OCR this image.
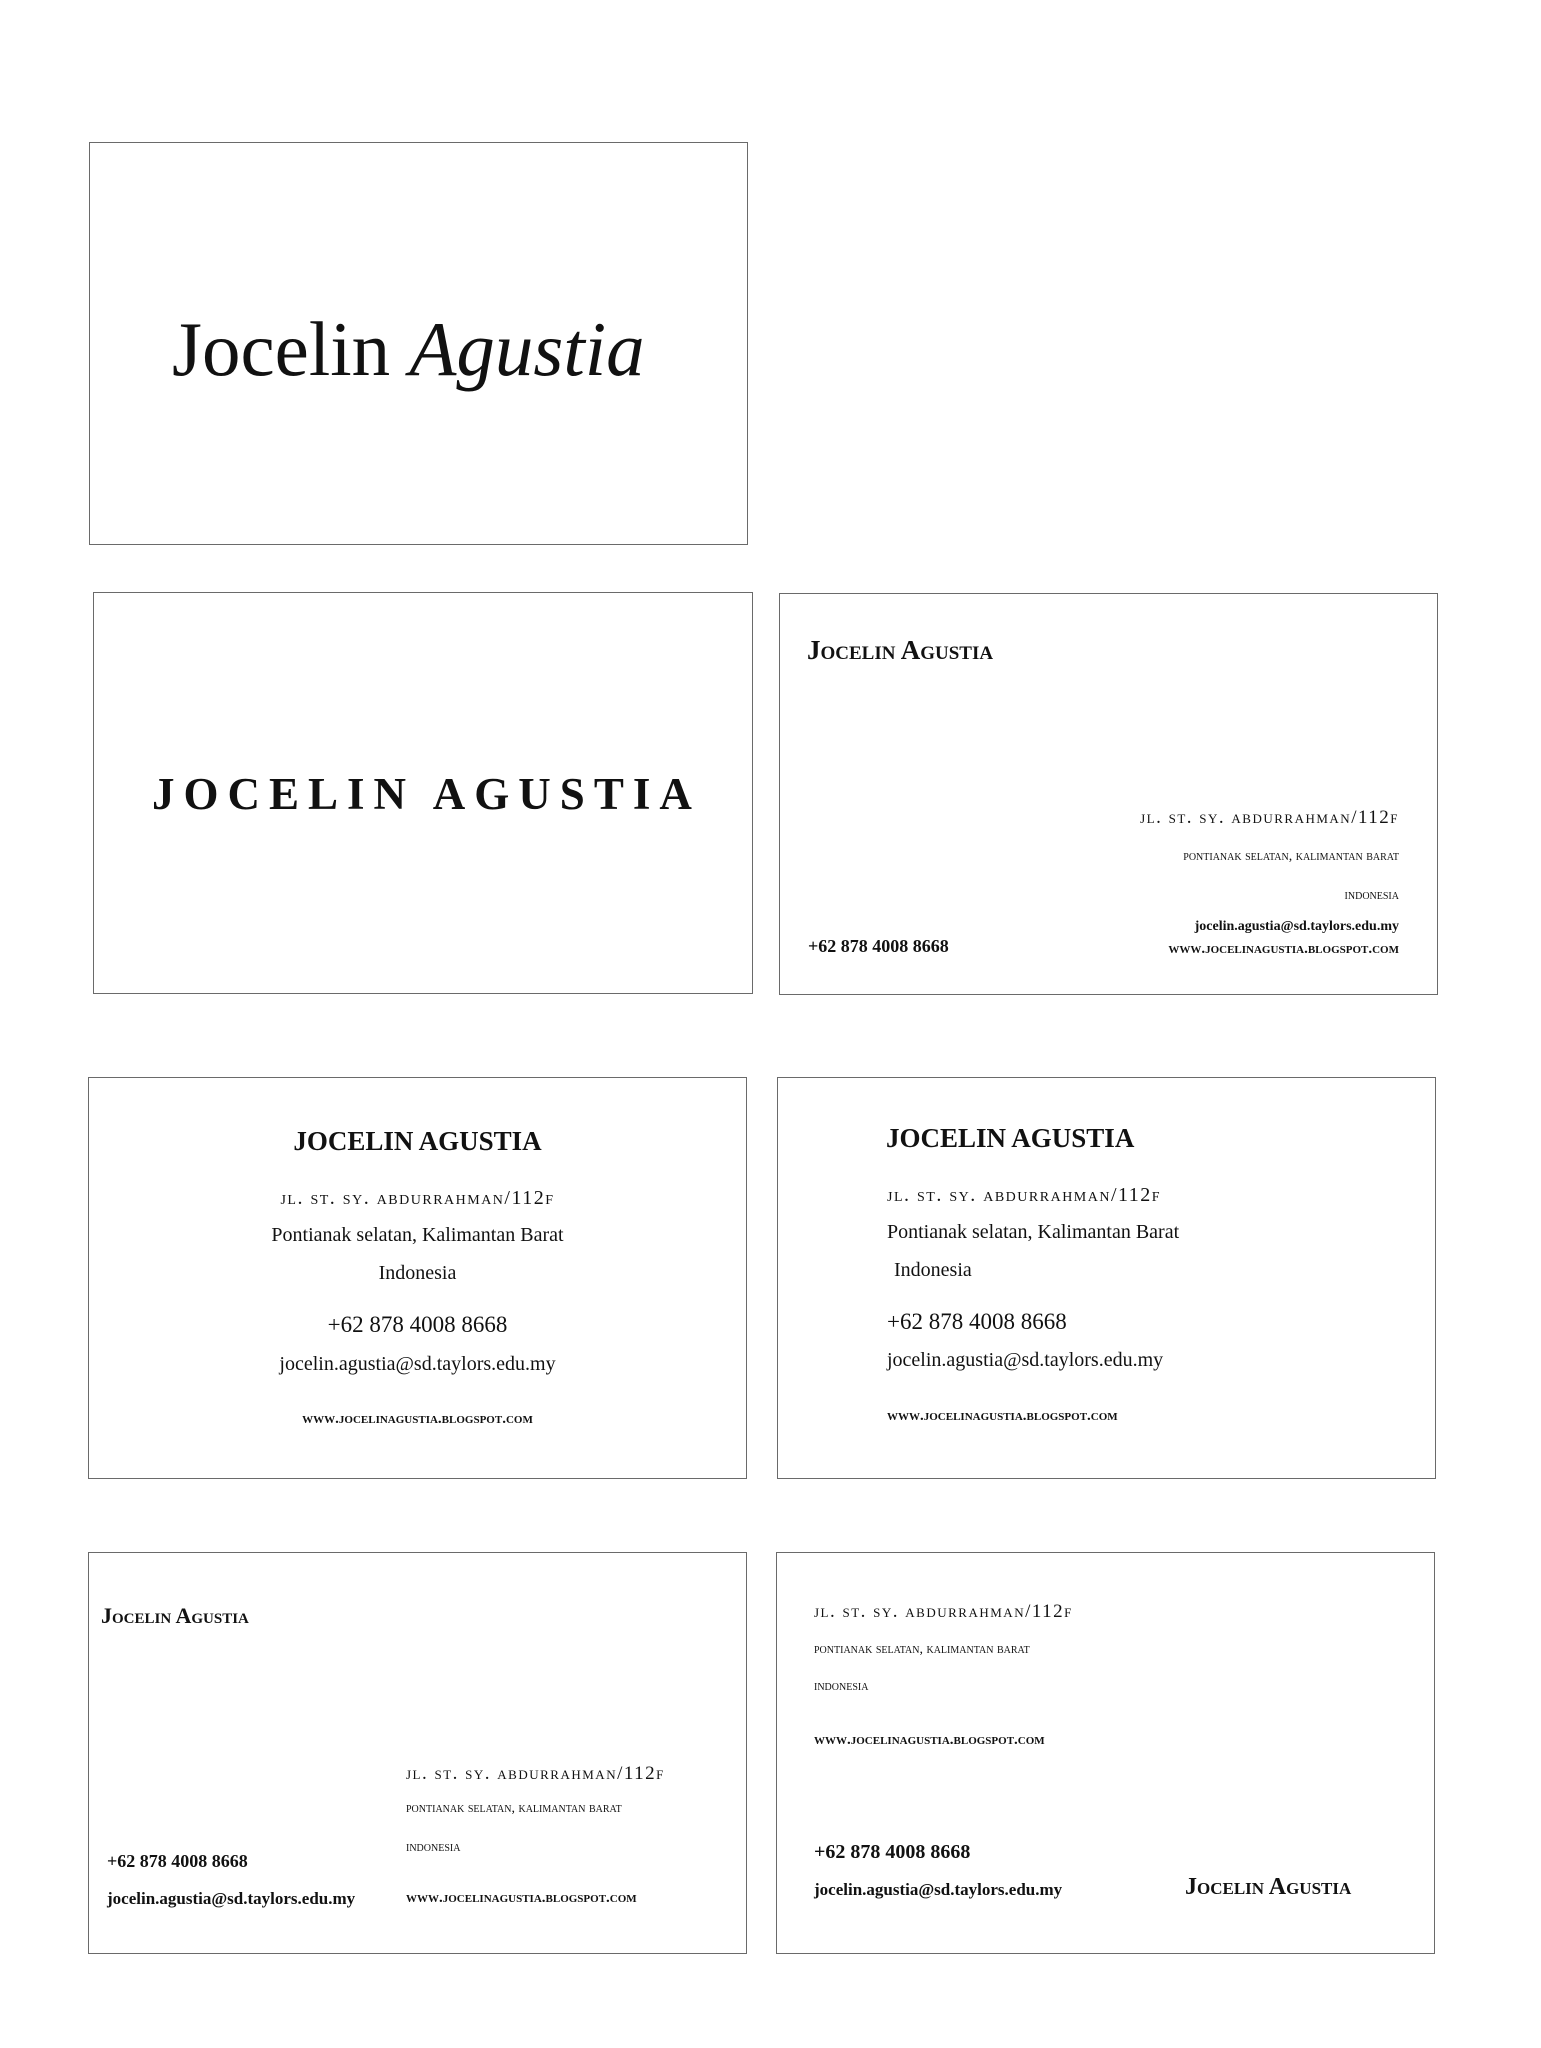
Jocelin Agustia
JOCELIN AGUSTIA
Jocelin Agustia
jl. st. sy. abdurrahman/112f
pontianak selatan, kalimantan barat
indonesia
jocelin.agustia@sd.taylors.edu.my
www.jocelinagustia.blogspot.com
+62 878 4008 8668
JOCELIN AGUSTIA
jl. st. sy. abdurrahman/112f
Pontianak selatan, Kalimantan Barat
Indonesia
+62 878 4008 8668
jocelin.agustia@sd.taylors.edu.my
www.jocelinagustia.blogspot.com
JOCELIN AGUSTIA
jl. st. sy. abdurrahman/112f
Pontianak selatan, Kalimantan Barat
Indonesia
+62 878 4008 8668
jocelin.agustia@sd.taylors.edu.my
www.jocelinagustia.blogspot.com
Jocelin Agustia
jl. st. sy. abdurrahman/112f
pontianak selatan, kalimantan barat
indonesia
www.jocelinagustia.blogspot.com
+62 878 4008 8668
jocelin.agustia@sd.taylors.edu.my
jl. st. sy. abdurrahman/112f
pontianak selatan, kalimantan barat
indonesia
www.jocelinagustia.blogspot.com
+62 878 4008 8668
jocelin.agustia@sd.taylors.edu.my	Jocelin Agustia
